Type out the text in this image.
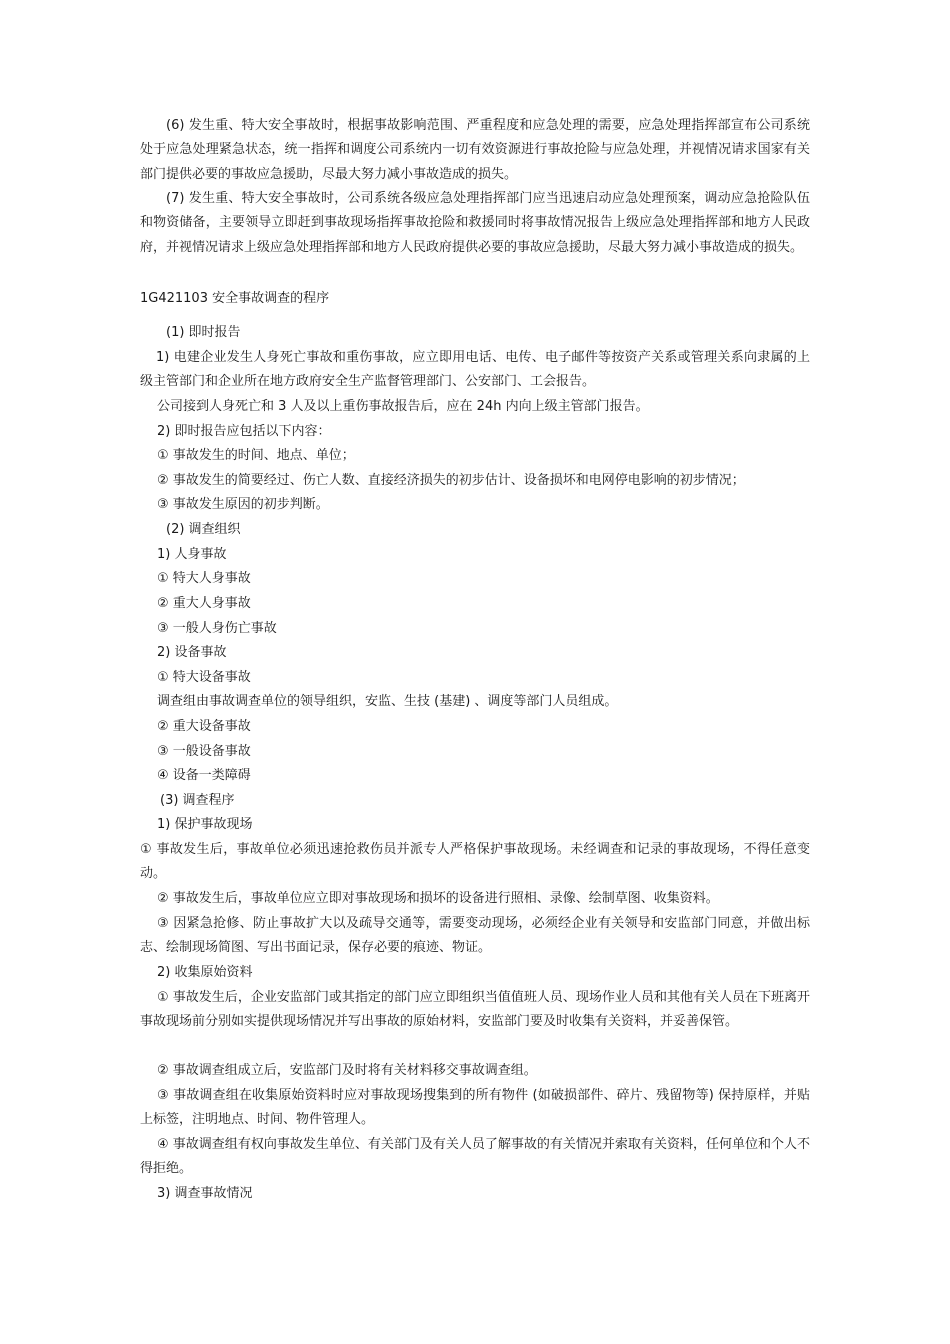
(6) 发生重、特大安全事故时，根据事故影响范围、严重程度和应急处理的需要，应急处理指挥部宣布公司系统处于应急处理紧急状态，统一指挥和调度公司系统内一切有效资源进行事故抢险与应急处理，并视情况请求国家有关部门提供必要的事故应急援助，尽最大努力减小事故造成的损失。

(7) 发生重、特大安全事故时，公司系统各级应急处理指挥部门应当迅速启动应急处理预案，调动应急抢险队伍和物资储备，主要领导立即赶到事故现场指挥事故抢险和救援同时将事故情况报告上级应急处理指挥部和地方人民政府，并视情况请求上级应急处理指挥部和地方人民政府提供必要的事故应急援助，尽最大努力减小事故造成的损失。

1G421103 安全事故调查的程序

(1) 即时报告

1) 电建企业发生人身死亡事故和重伤事故，应立即用电话、电传、电子邮件等按资产关系或管理关系向隶属的上级主管部门和企业所在地方政府安全生产监督管理部门、公安部门、工会报告。

公司接到人身死亡和 3 人及以上重伤事故报告后，应在 24h 内向上级主管部门报告。

2) 即时报告应包括以下内容：

① 事故发生的时间、地点、单位；

② 事故发生的简要经过、伤亡人数、直接经济损失的初步估计、设备损坏和电网停电影响的初步情况；

③ 事故发生原因的初步判断。

(2) 调查组织

1) 人身事故

① 特大人身事故

② 重大人身事故

③ 一般人身伤亡事故

2) 设备事故

① 特大设备事故

调查组由事故调查单位的领导组织，安监、生技 (基建) 、调度等部门人员组成。

② 重大设备事故

③ 一般设备事故

④ 设备一类障碍

(3) 调查程序

1) 保护事故现场

① 事故发生后，事故单位必须迅速抢救伤员并派专人严格保护事故现场。未经调查和记录的事故现场，不得任意变动。

② 事故发生后，事故单位应立即对事故现场和损坏的设备进行照相、录像、绘制草图、收集资料。

③ 因紧急抢修、防止事故扩大以及疏导交通等，需要变动现场，必须经企业有关领导和安监部门同意，并做出标志、绘制现场简图、写出书面记录，保存必要的痕迹、物证。

2) 收集原始资料

① 事故发生后，企业安监部门或其指定的部门应立即组织当值值班人员、现场作业人员和其他有关人员在下班离开事故现场前分别如实提供现场情况并写出事故的原始材料，安监部门要及时收集有关资料，并妥善保管。

② 事故调查组成立后，安监部门及时将有关材料移交事故调查组。

③ 事故调查组在收集原始资料时应对事故现场搜集到的所有物件 (如破损部件、碎片、残留物等) 保持原样，并贴上标签，注明地点、时间、物件管理人。

④ 事故调查组有权向事故发生单位、有关部门及有关人员了解事故的有关情况并索取有关资料，任何单位和个人不得拒绝。

3) 调查事故情况
